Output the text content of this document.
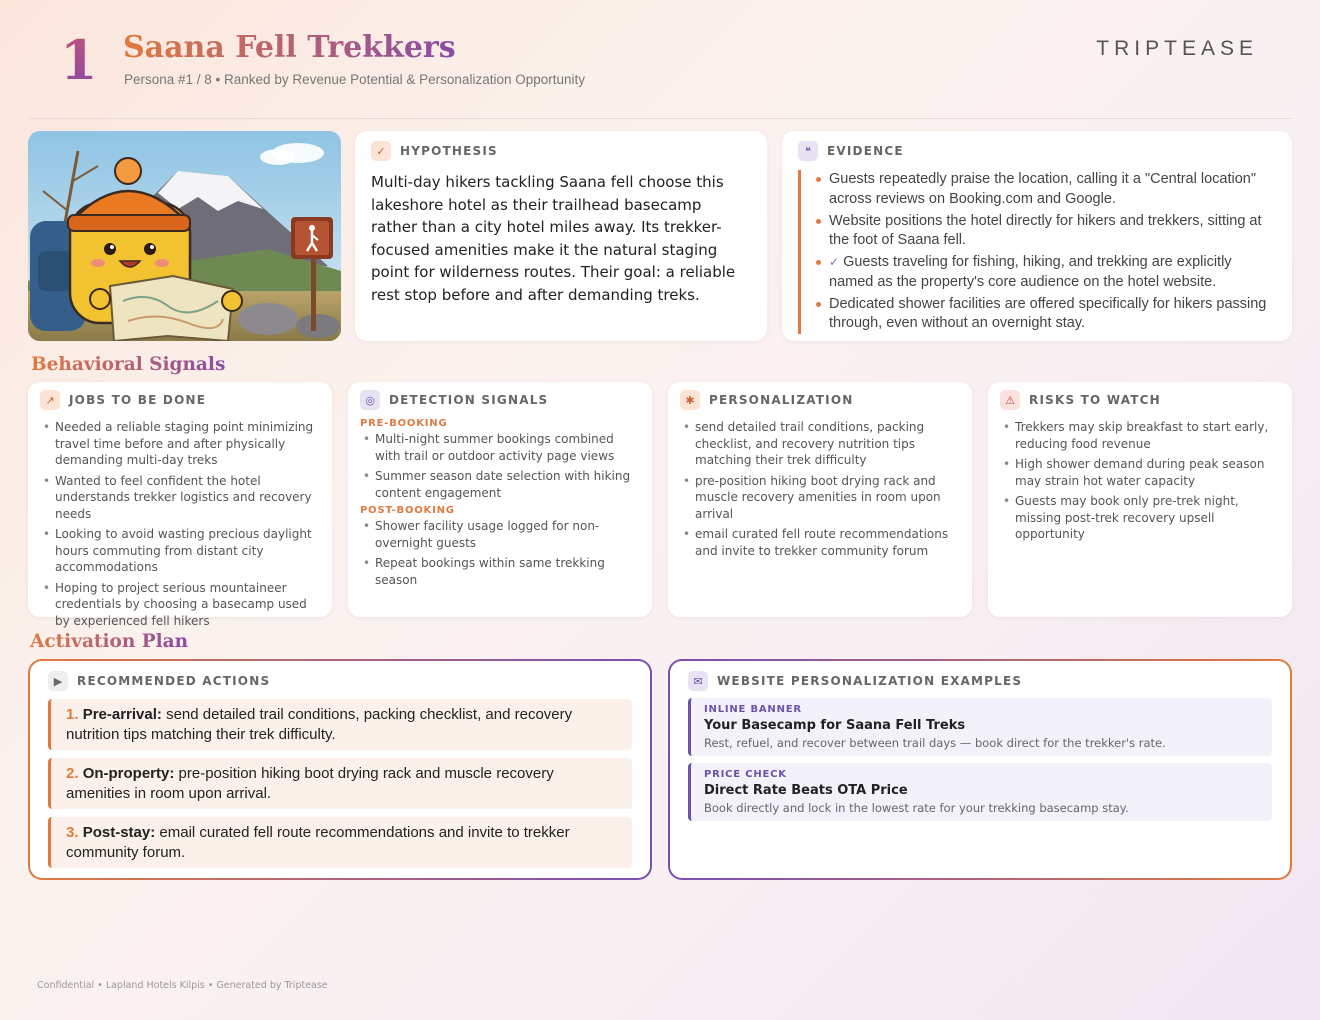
1 Saana Fell Trekkers
Persona #1 / 8 • Ranked by Revenue Potential & Personalization Opportunity
TRIPTEASE
✓	HYPOTHESIS
Multi-day hikers tackling Saana fell choose this lakeshore hotel as their trailhead basecamp rather than a city hotel miles away. Its trekker-focused amenities make it the natural staging point for wilderness routes. Their goal: a reliable rest stop before and after demanding treks.
❝	EVIDENCE
Guests repeatedly praise the location, calling it a "Central location" across reviews on Booking.com and Google.
Website positions the hotel directly for hikers and trekkers, sitting at the foot of Saana fell.
✓ Guests traveling for fishing, hiking, and trekking are explicitly named as the property's core audience on the hotel website.
Dedicated shower facilities are offered specifically for hikers passing through, even without an overnight stay.
Behavioral Signals
↗	JOBS TO BE DONE
• Needed a reliable staging point minimizing travel time before and after physically demanding multi-day treks
• Wanted to feel confident the hotel understands trekker logistics and recovery needs
• Looking to avoid wasting precious daylight hours commuting from distant city accommodations
• Hoping to project serious mountaineer credentials by choosing a basecamp used by experienced fell hikers
◎	DETECTION SIGNALS
PRE-BOOKING
• Multi-night summer bookings combined with trail or outdoor activity page views
• Summer season date selection with hiking content engagement
POST-BOOKING
• Shower facility usage logged for non-overnight guests
• Repeat bookings within same trekking season
✱	PERSONALIZATION
• send detailed trail conditions, packing checklist, and recovery nutrition tips matching their trek difficulty
• pre-position hiking boot drying rack and muscle recovery amenities in room upon arrival
• email curated fell route recommendations and invite to trekker community forum
⚠	RISKS TO WATCH
• Trekkers may skip breakfast to start early, reducing food revenue
• High shower demand during peak season may strain hot water capacity
• Guests may book only pre-trek night, missing post-trek recovery upsell opportunity
Activation Plan
▶	RECOMMENDED ACTIONS
1. Pre-arrival: send detailed trail conditions, packing checklist, and recovery nutrition tips matching their trek difficulty.
2. On-property: pre-position hiking boot drying rack and muscle recovery amenities in room upon arrival.
3. Post-stay: email curated fell route recommendations and invite to trekker community forum.
✉	WEBSITE PERSONALIZATION EXAMPLES
INLINE BANNER
Your Basecamp for Saana Fell Treks
Rest, refuel, and recover between trail days — book direct for the trekker's rate.
PRICE CHECK
Direct Rate Beats OTA Price
Book directly and lock in the lowest rate for your trekking basecamp stay.
Confidential • Lapland Hotels Kilpis • Generated by Triptease
